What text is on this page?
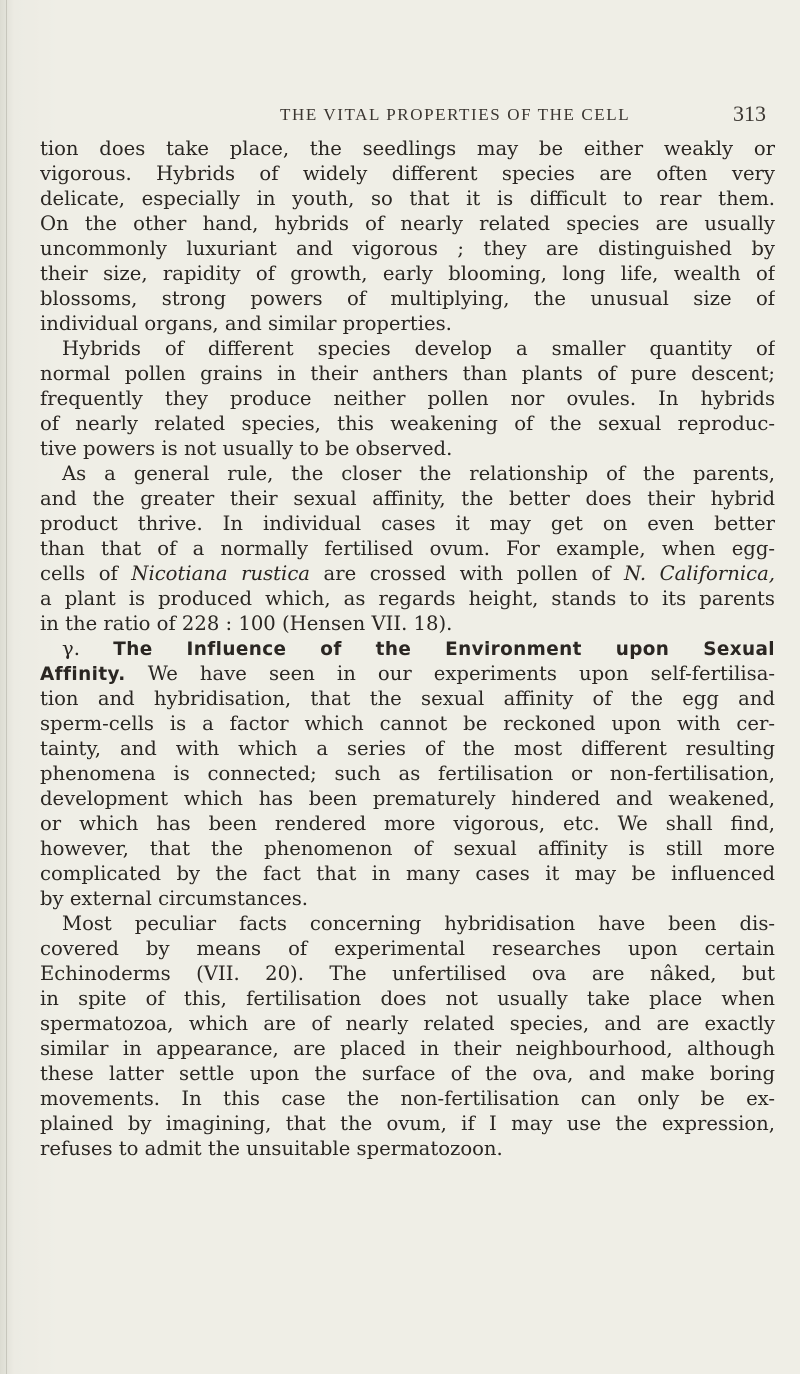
THE VITAL PROPERTIES OF THE CELL	313
tion does take place, the seedlings may be either weakly or
vigorous. Hybrids of widely different species are often very
delicate, especially in youth, so that it is difficult to rear them.
On the other hand, hybrids of nearly related species are usually
uncommonly luxuriant and vigorous ; they are distinguished by
their size, rapidity of growth, early blooming, long life, wealth of
blossoms, strong powers of multiplying, the unusual size of
individual organs, and similar properties.
Hybrids of different species develop a smaller quantity of
normal pollen grains in their anthers than plants of pure descent;
frequently they produce neither pollen nor ovules. In hybrids
of nearly related species, this weakening of the sexual reproduc-
tive powers is not usually to be observed.
As a general rule, the closer the relationship of the parents,
and the greater their sexual affinity, the better does their hybrid
product thrive. In individual cases it may get on even better
than that of a normally fertilised ovum. For example, when egg-
cells of Nicotiana rustica are crossed with pollen of N. Californica,
a plant is produced which, as regards height, stands to its parents
in the ratio of 228 : 100 (Hensen VII. 18).
γ. The Influence of the Environment upon Sexual
Affinity. We have seen in our experiments upon self-fertilisa-
tion and hybridisation, that the sexual affinity of the egg and
sperm-cells is a factor which cannot be reckoned upon with cer-
tainty, and with which a series of the most different resulting
phenomena is connected; such as fertilisation or non-fertilisation,
development which has been prematurely hindered and weakened,
or which has been rendered more vigorous, etc. We shall find,
however, that the phenomenon of sexual affinity is still more
complicated by the fact that in many cases it may be influenced
by external circumstances.
Most peculiar facts concerning hybridisation have been dis-
covered by means of experimental researches upon certain
Echinoderms (VII. 20). The unfertilised ova are nâked, but
in spite of this, fertilisation does not usually take place when
spermatozoa, which are of nearly related species, and are exactly
similar in appearance, are placed in their neighbourhood, although
these latter settle upon the surface of the ova, and make boring
movements. In this case the non-fertilisation can only be ex-
plained by imagining, that the ovum, if I may use the expression,
refuses to admit the unsuitable spermatozoon.
